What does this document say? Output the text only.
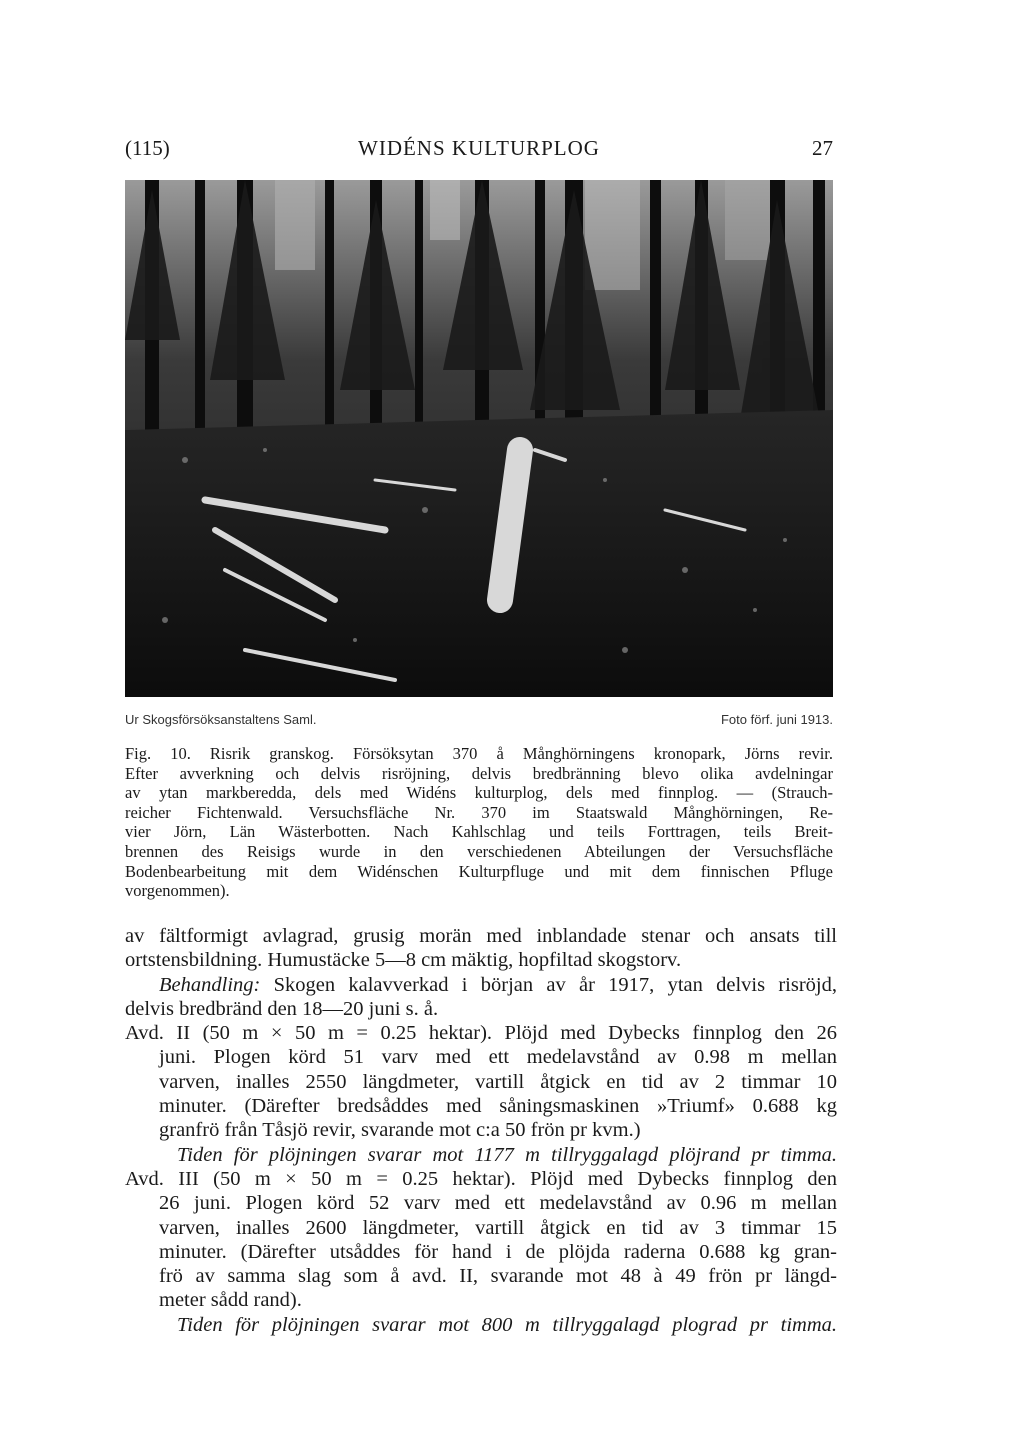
(115)	WIDÉNS KULTURPLOG	27
Ur Skogsförsöksanstaltens Saml.	Foto förf. juni 1913.
Fig. 10. Risrik granskog. Försöksytan 370 å Månghörningens kronopark, Jörns revir.
Efter avverkning och delvis risröjning, delvis bredbränning blevo olika avdelningar
av ytan markberedda, dels med Widéns kulturplog, dels med finnplog. — (Strauch-
reicher Fichtenwald. Versuchsfläche Nr. 370 im Staatswald Månghörningen, Re-
vier Jörn, Län Wästerbotten. Nach Kahlschlag und teils Forttragen, teils Breit-
brennen des Reisigs wurde in den verschiedenen Abteilungen der Versuchsfläche
Bodenbearbeitung mit dem Widénschen Kulturpfluge und mit dem finnischen Pfluge
vorgenommen).
av fältformigt avlagrad, grusig morän med inblandade stenar och ansats till
ortstensbildning. Humustäcke 5—8 cm mäktig, hopfiltad skogstorv.
Behandling: Skogen kalavverkad i början av år 1917, ytan delvis risröjd,
delvis bredbränd den 18—20 juni s. å.
Avd. II (50 m × 50 m = 0.25 hektar). Plöjd med Dybecks finnplog den 26
juni. Plogen körd 51 varv med ett medelavstånd av 0.98 m mellan
varven, inalles 2550 längdmeter, vartill åtgick en tid av 2 timmar 10
minuter. (Därefter bredsåddes med såningsmaskinen »Triumf» 0.688 kg
granfrö från Tåsjö revir, svarande mot c:a 50 frön pr kvm.)
Tiden för plöjningen svarar mot 1177 m tillryggalagd plöjrand pr timma.
Avd. III (50 m × 50 m = 0.25 hektar). Plöjd med Dybecks finnplog den
26 juni. Plogen körd 52 varv med ett medelavstånd av 0.96 m mellan
varven, inalles 2600 längdmeter, vartill åtgick en tid av 3 timmar 15
minuter. (Därefter utsåddes för hand i de plöjda raderna 0.688 kg gran-
frö av samma slag som å avd. II, svarande mot 48 à 49 frön pr längd-
meter sådd rand).
Tiden för plöjningen svarar mot 800 m tillryggalagd plograd pr timma.
